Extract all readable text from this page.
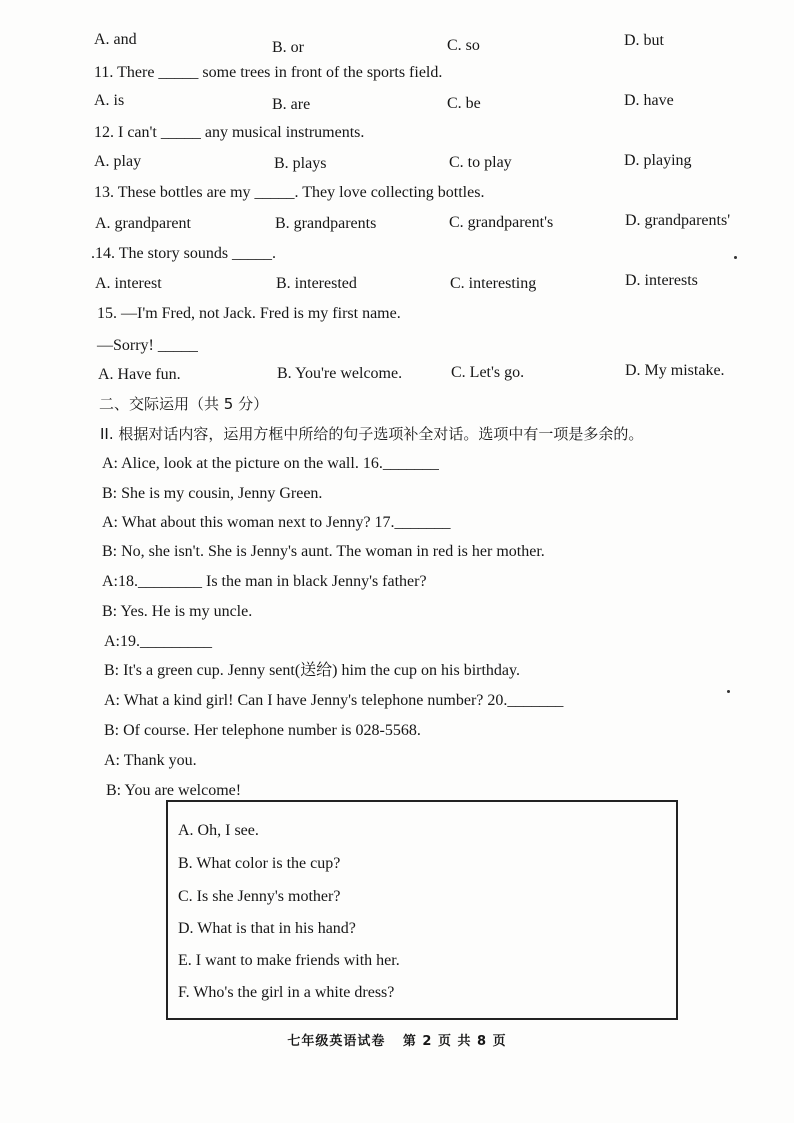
A. and	B. or	C. so	D. but
11. There _____ some trees in front of the sports field.
A. is	B. are	C. be	D. have
12. I can't _____ any musical instruments.
A. play	B. plays	C. to play	D. playing
13. These bottles are my _____. They love collecting bottles.
A. grandparent	B. grandparents	C. grandparent's	D. grandparents'
.14. The story sounds _____.
A. interest	B. interested	C. interesting	D. interests
15. —I'm Fred, not Jack. Fred is my first name.
—Sorry! _____
A. Have fun.	B. You're welcome.	C. Let's go.	D. My mistake.
二、交际运用（共 5 分）
II. 根据对话内容，运用方框中所给的句子选项补全对话。选项中有一项是多余的。
A: Alice, look at the picture on the wall. 16._______
B: She is my cousin, Jenny Green.
A: What about this woman next to Jenny? 17._______
B: No, she isn't. She is Jenny's aunt. The woman in red is her mother.
A:18.________ Is the man in black Jenny's father?
B: Yes. He is my uncle.
A:19._________
B: It's a green cup. Jenny sent(送给) him the cup on his birthday.
A: What a kind girl! Can I have Jenny's telephone number? 20._______
B: Of course. Her telephone number is 028-5568.
A: Thank you.
B: You are welcome!
A. Oh, I see.
B. What color is the cup?
C. Is she Jenny's mother?
D. What is that in his hand?
E. I want to make friends with her.
F. Who's the girl in a white dress?
七年级英语试卷 第 2 页 共 8 页
